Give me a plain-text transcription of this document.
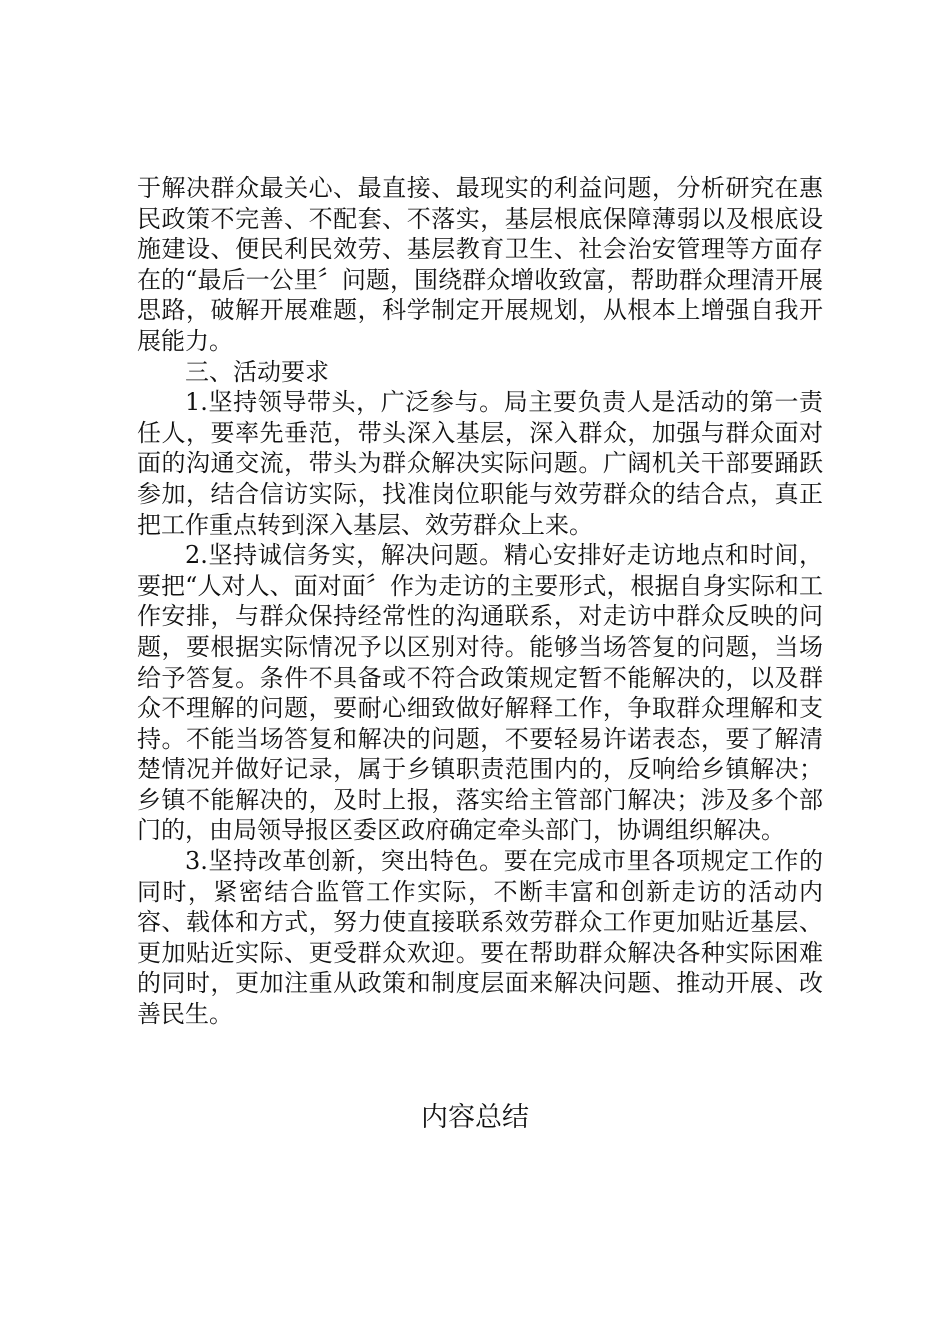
于解决群众最关心、最直接、最现实的利益问题，分析研究在惠民政策不完善、不配套、不落实，基层根底保障薄弱以及根底设施建设、便民利民效劳、基层教育卫生、社会治安管理等方面存在的“最后一公里〞问题，围绕群众增收致富，帮助群众理清开展思路，破解开展难题，科学制定开展规划，从根本上增强自我开展能力。

三、活动要求

1.坚持领导带头，广泛参与。局主要负责人是活动的第一责任人，要率先垂范，带头深入基层，深入群众，加强与群众面对面的沟通交流，带头为群众解决实际问题。广阔机关干部要踊跃参加，结合信访实际，找准岗位职能与效劳群众的结合点，真正把工作重点转到深入基层、效劳群众上来。

2.坚持诚信务实，解决问题。精心安排好走访地点和时间，要把“人对人、面对面〞作为走访的主要形式，根据自身实际和工作安排，与群众保持经常性的沟通联系，对走访中群众反映的问题，要根据实际情况予以区别对待。能够当场答复的问题，当场给予答复。条件不具备或不符合政策规定暂不能解决的，以及群众不理解的问题，要耐心细致做好解释工作，争取群众理解和支持。不能当场答复和解决的问题，不要轻易许诺表态，要了解清楚情况并做好记录，属于乡镇职责范围内的，反响给乡镇解决；乡镇不能解决的，及时上报，落实给主管部门解决；涉及多个部门的，由局领导报区委区政府确定牵头部门，协调组织解决。

3.坚持改革创新，突出特色。要在完成市里各项规定工作的同时，紧密结合监管工作实际，不断丰富和创新走访的活动内容、载体和方式，努力使直接联系效劳群众工作更加贴近基层、更加贴近实际、更受群众欢迎。要在帮助群众解决各种实际困难的同时，更加注重从政策和制度层面来解决问题、推动开展、改善民生。

内容总结
